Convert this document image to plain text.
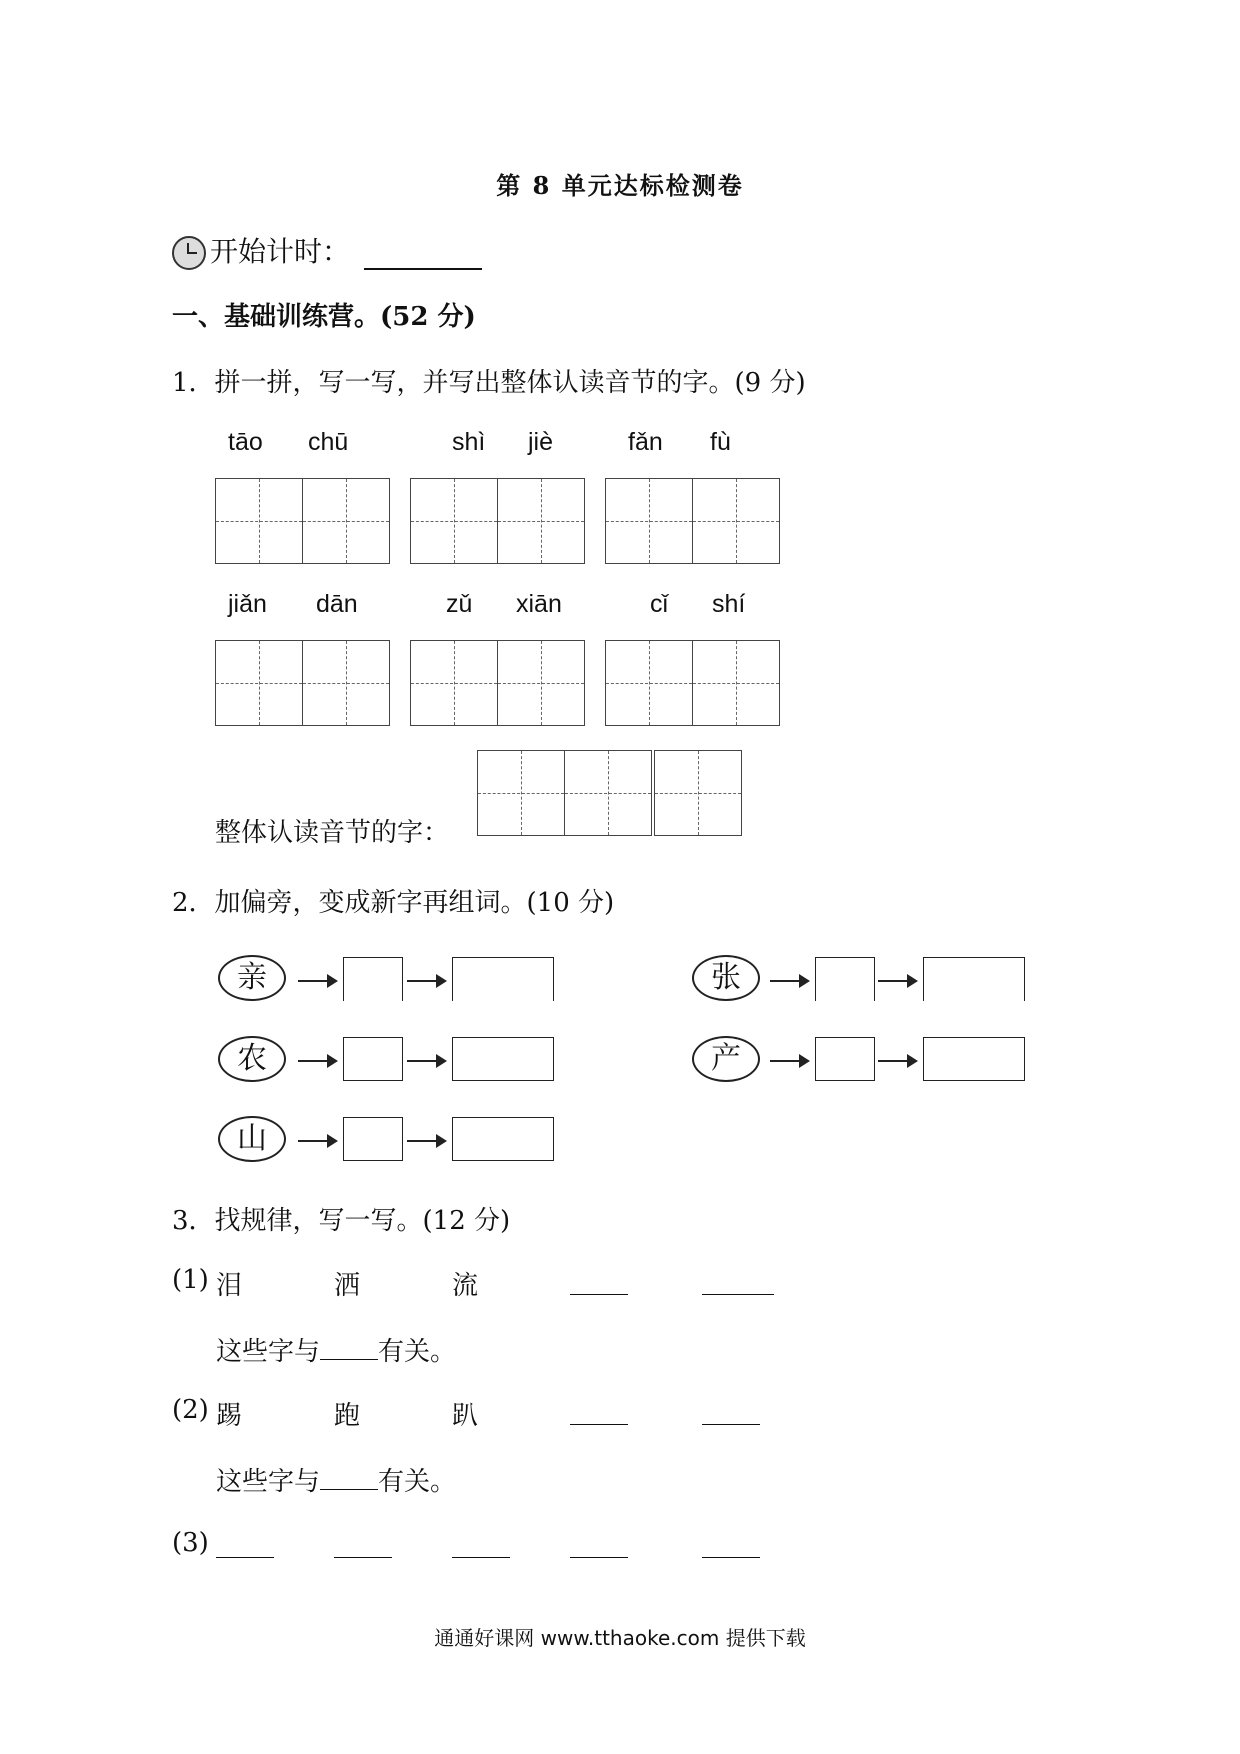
第 8 单元达标检测卷
开始计时：
一、基础训练营。(52 分)
1．拼一拼，写一写，并写出整体认读音节的字。(9 分)
tāo chū	shì jiè	fǎn fù
jiǎn dān	zǔ xiān	cǐ shí
整体认读音节的字：
2．加偏旁，变成新字再组词。(10 分)
亲	张
农	产
山
3．找规律，写一写。(12 分)
(1) 泪	洒	流
这些字与 有关。
(2) 踢	跑	趴
这些字与 有关。
(3)
通通好课网 www.tthaoke.com 提供下载
